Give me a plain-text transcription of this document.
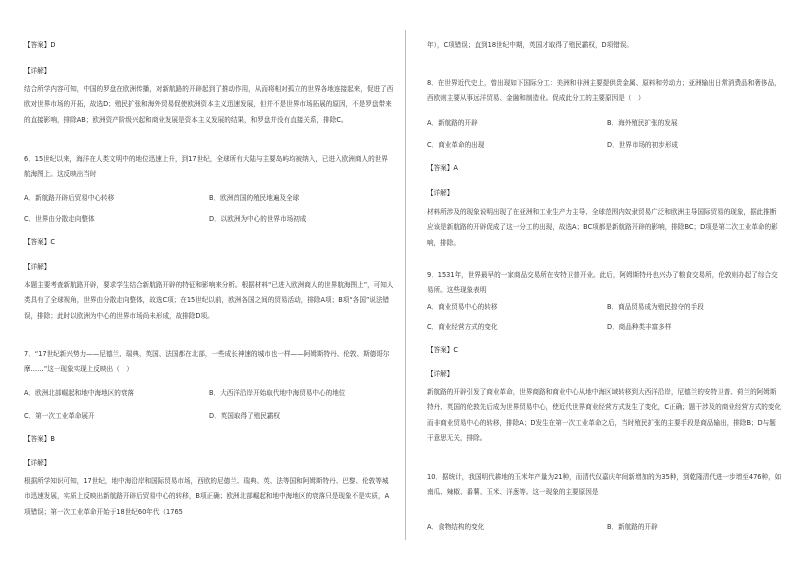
【答案】D
【详解】
结合所学内容可知，中国的罗盘在欧洲传播，对新航路的开辟起到了推动作用，从而将相对孤立的世界各地连接起来，促进了西欧对世界市场的开拓，故选D；殖民扩张和海外贸易促使欧洲资本主义迅速发展，但并不是世界市场拓展的原因，不是罗盘带来的直接影响，排除AB；欧洲资产阶级兴起和商业发展是资本主义发展的结果，和罗盘并没有直接关系，排除C。
6．15世纪以来，海洋在人类文明中的地位迅速上升，到17世纪，全球所有大陆与主要岛屿均被纳入，已进入欧洲商人的世界航海图上。这反映出当时
A．新航路开辟后贸易中心转移	B．欧洲首国的殖民地遍及全球
C．世界由分散走向整体	D．以欧洲为中心的世界市场初成
【答案】C
【详解】
本题主要考查新航路开辟，要求学生结合新航路开辟的特征和影响来分析。根据材料“已进入欧洲商人的世界航海图上”，可知人类具有了全球视角，世界由分散走向整体，故选C项；在15世纪以前，欧洲各国之间的贸易活动，排除A项；B项“各国”说法错误，排除；此时以欧洲为中心的世界市场尚未形成，故排除D项。
7．“17世纪新兴势力——尼德兰、瑞典、英国、法国都在北部，一些成长神速的城市也一样——阿姆斯特丹、伦敦、斯德哥尔摩……”这一现象实现上反映出（　）
A．欧洲北部崛起和地中海地区的衰落	B．大西洋沿岸开始取代地中海贸易中心的地位
C．第一次工业革命展开	D．英国取得了殖民霸权
【答案】B
【详解】
根据所学知识可知，17世纪，地中海沿岸和国际贸易市场，西欧的尼德兰、瑞典、英、法等国和阿姆斯特丹、巴黎、伦敦等城市迅速发展，实质上反映出新航路开辟后贸易中心的转移，B项正确；欧洲北部崛起和地中海地区的衰落只是现象不是实质，A项错误；第一次工业革命开始于18世纪60年代（1765
年），C项错误；直到18世纪中期，英国才取得了殖民霸权，D项错误。
8．在世界近代史上，曾出现如下国际分工：美洲和非洲主要提供贵金属、原料和劳动力；亚洲输出日常消费品和奢侈品，西欧则主要从事远洋贸易、金融和制造业。促成此分工的主要原因是（　）
A．新航路的开辟	B．海外殖民扩张的发展
C．商业革命的出现	D．世界市场的初步形成
【答案】A
【详解】
材料所涉及的现象说明出现了在亚洲和工业生产力主导、全球范围内奴隶贸易广泛和欧洲主导国际贸易的现象，据此推断应该是新航路的开辟促成了这一分工的出现，故选A；BC项都是新航路开辟的影响，排除BC；D项是第二次工业革命的影响，排除。
9．1531年，世界最早的一家商品交易所在安特卫普开业。此后，阿姆斯特丹也兴办了粮食交易所，伦敦则办起了综合交易所。这些现象表明
A．商业贸易中心的转移	B．商品贸易成为殖民掠夺的手段
C．商业经营方式的变化	D．商品种类丰富多样
【答案】C
【详解】
新航路的开辟引发了商业革命，世界商路和商业中心从地中海区域转移到大西洋沿岸，尼德兰的安特卫普、荷兰的阿姆斯特丹、英国的伦敦先后成为世界贸易中心，使近代世界商业经营方式发生了变化，C正确；题干涉及的商业经营方式的变化而非商业贸易中心的转移，排除A；D发生在第一次工业革命之后，当时殖民扩张的主要手段是商品输出，排除B；D与题干意思无关，排除。
10．据统计，我国明代耕地的玉米年产量为21种，而清代仅嘉庆年间新增加的为35种，到乾隆清代进一步增至476种，如南瓜、辣椒、番薯、玉米、洋葱等。这一现象的主要原因是
A．食物结构的变化	B．新航路的开辟
